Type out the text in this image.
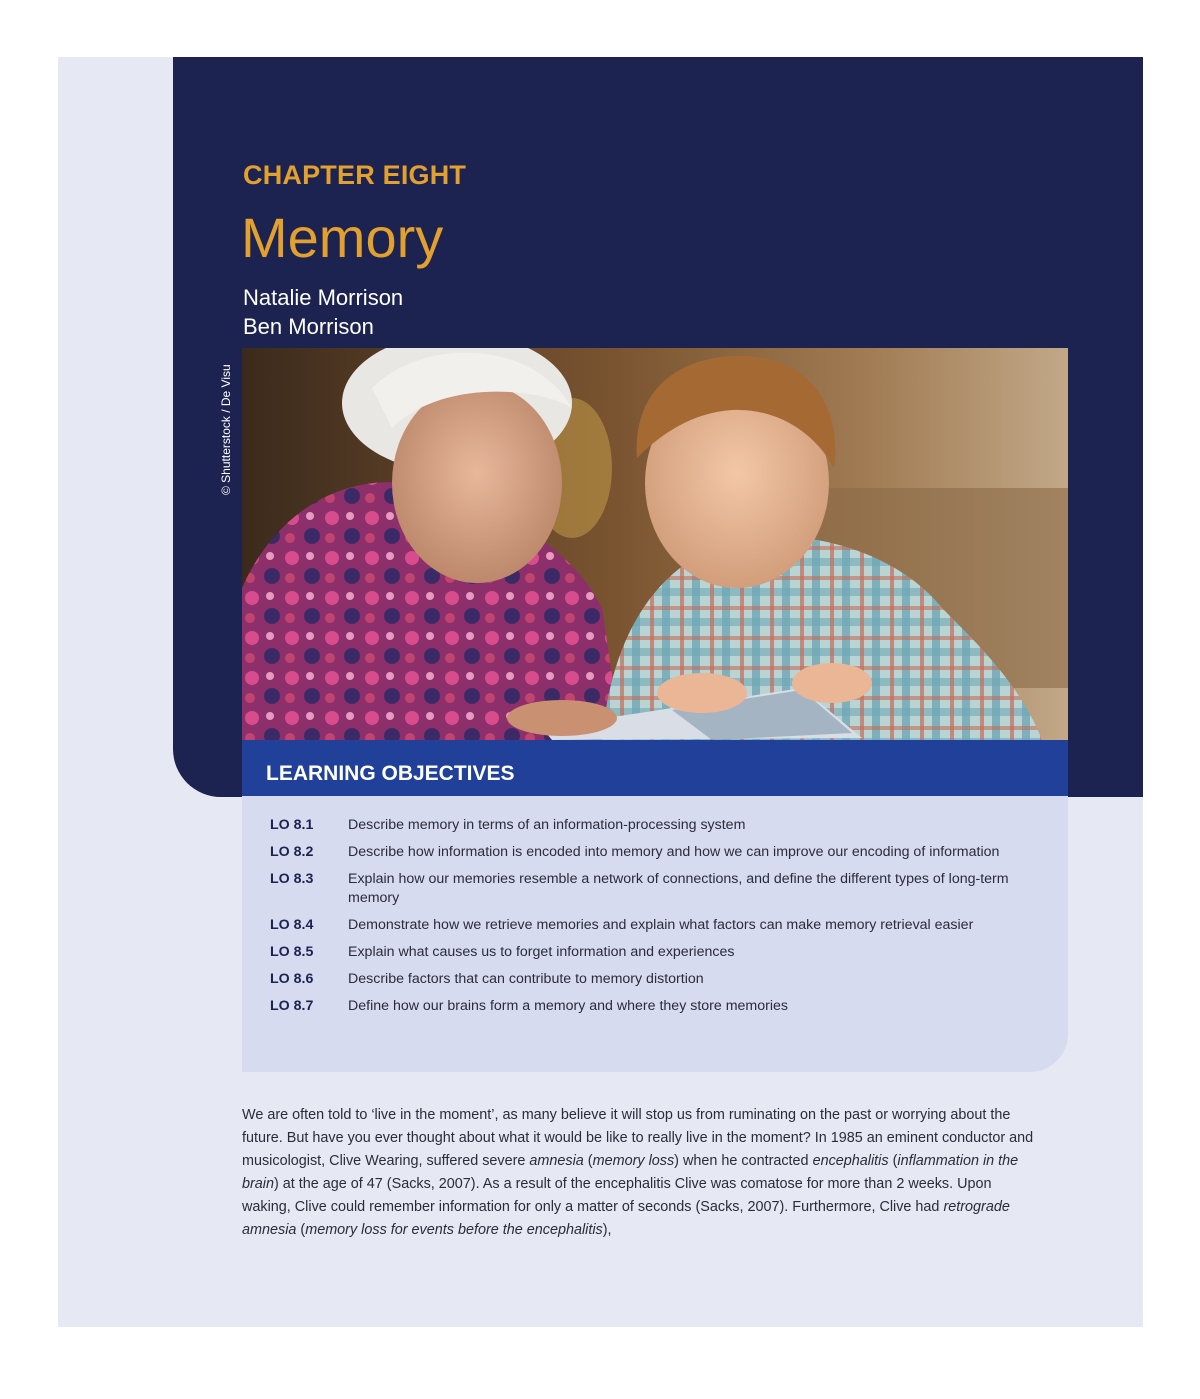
CHAPTER EIGHT
Memory
Natalie Morrison
Ben Morrison
© Shutterstock / De Visu
LEARNING OBJECTIVES
LO 8.1	Describe memory in terms of an information-processing system
LO 8.2	Describe how information is encoded into memory and how we can improve our encoding of information
LO 8.3	Explain how our memories resemble a network of connections, and define the different types of long-term memory
LO 8.4	Demonstrate how we retrieve memories and explain what factors can make memory retrieval easier
LO 8.5	Explain what causes us to forget information and experiences
LO 8.6	Describe factors that can contribute to memory distortion
LO 8.7	Define how our brains form a memory and where they store memories

We are often told to ‘live in the moment’, as many believe it will stop us from ruminating on the past or worrying about the future. But have you ever thought about what it would be like to really live in the moment? In 1985 an eminent conductor and musicologist, Clive Wearing, suffered severe amnesia (memory loss) when he contracted encephalitis (inflammation in the brain) at the age of 47 (Sacks, 2007). As a result of the encephalitis Clive was comatose for more than 2 weeks. Upon waking, Clive could remember information for only a matter of seconds (Sacks, 2007). Furthermore, Clive had retrograde amnesia (memory loss for events before the encephalitis),
